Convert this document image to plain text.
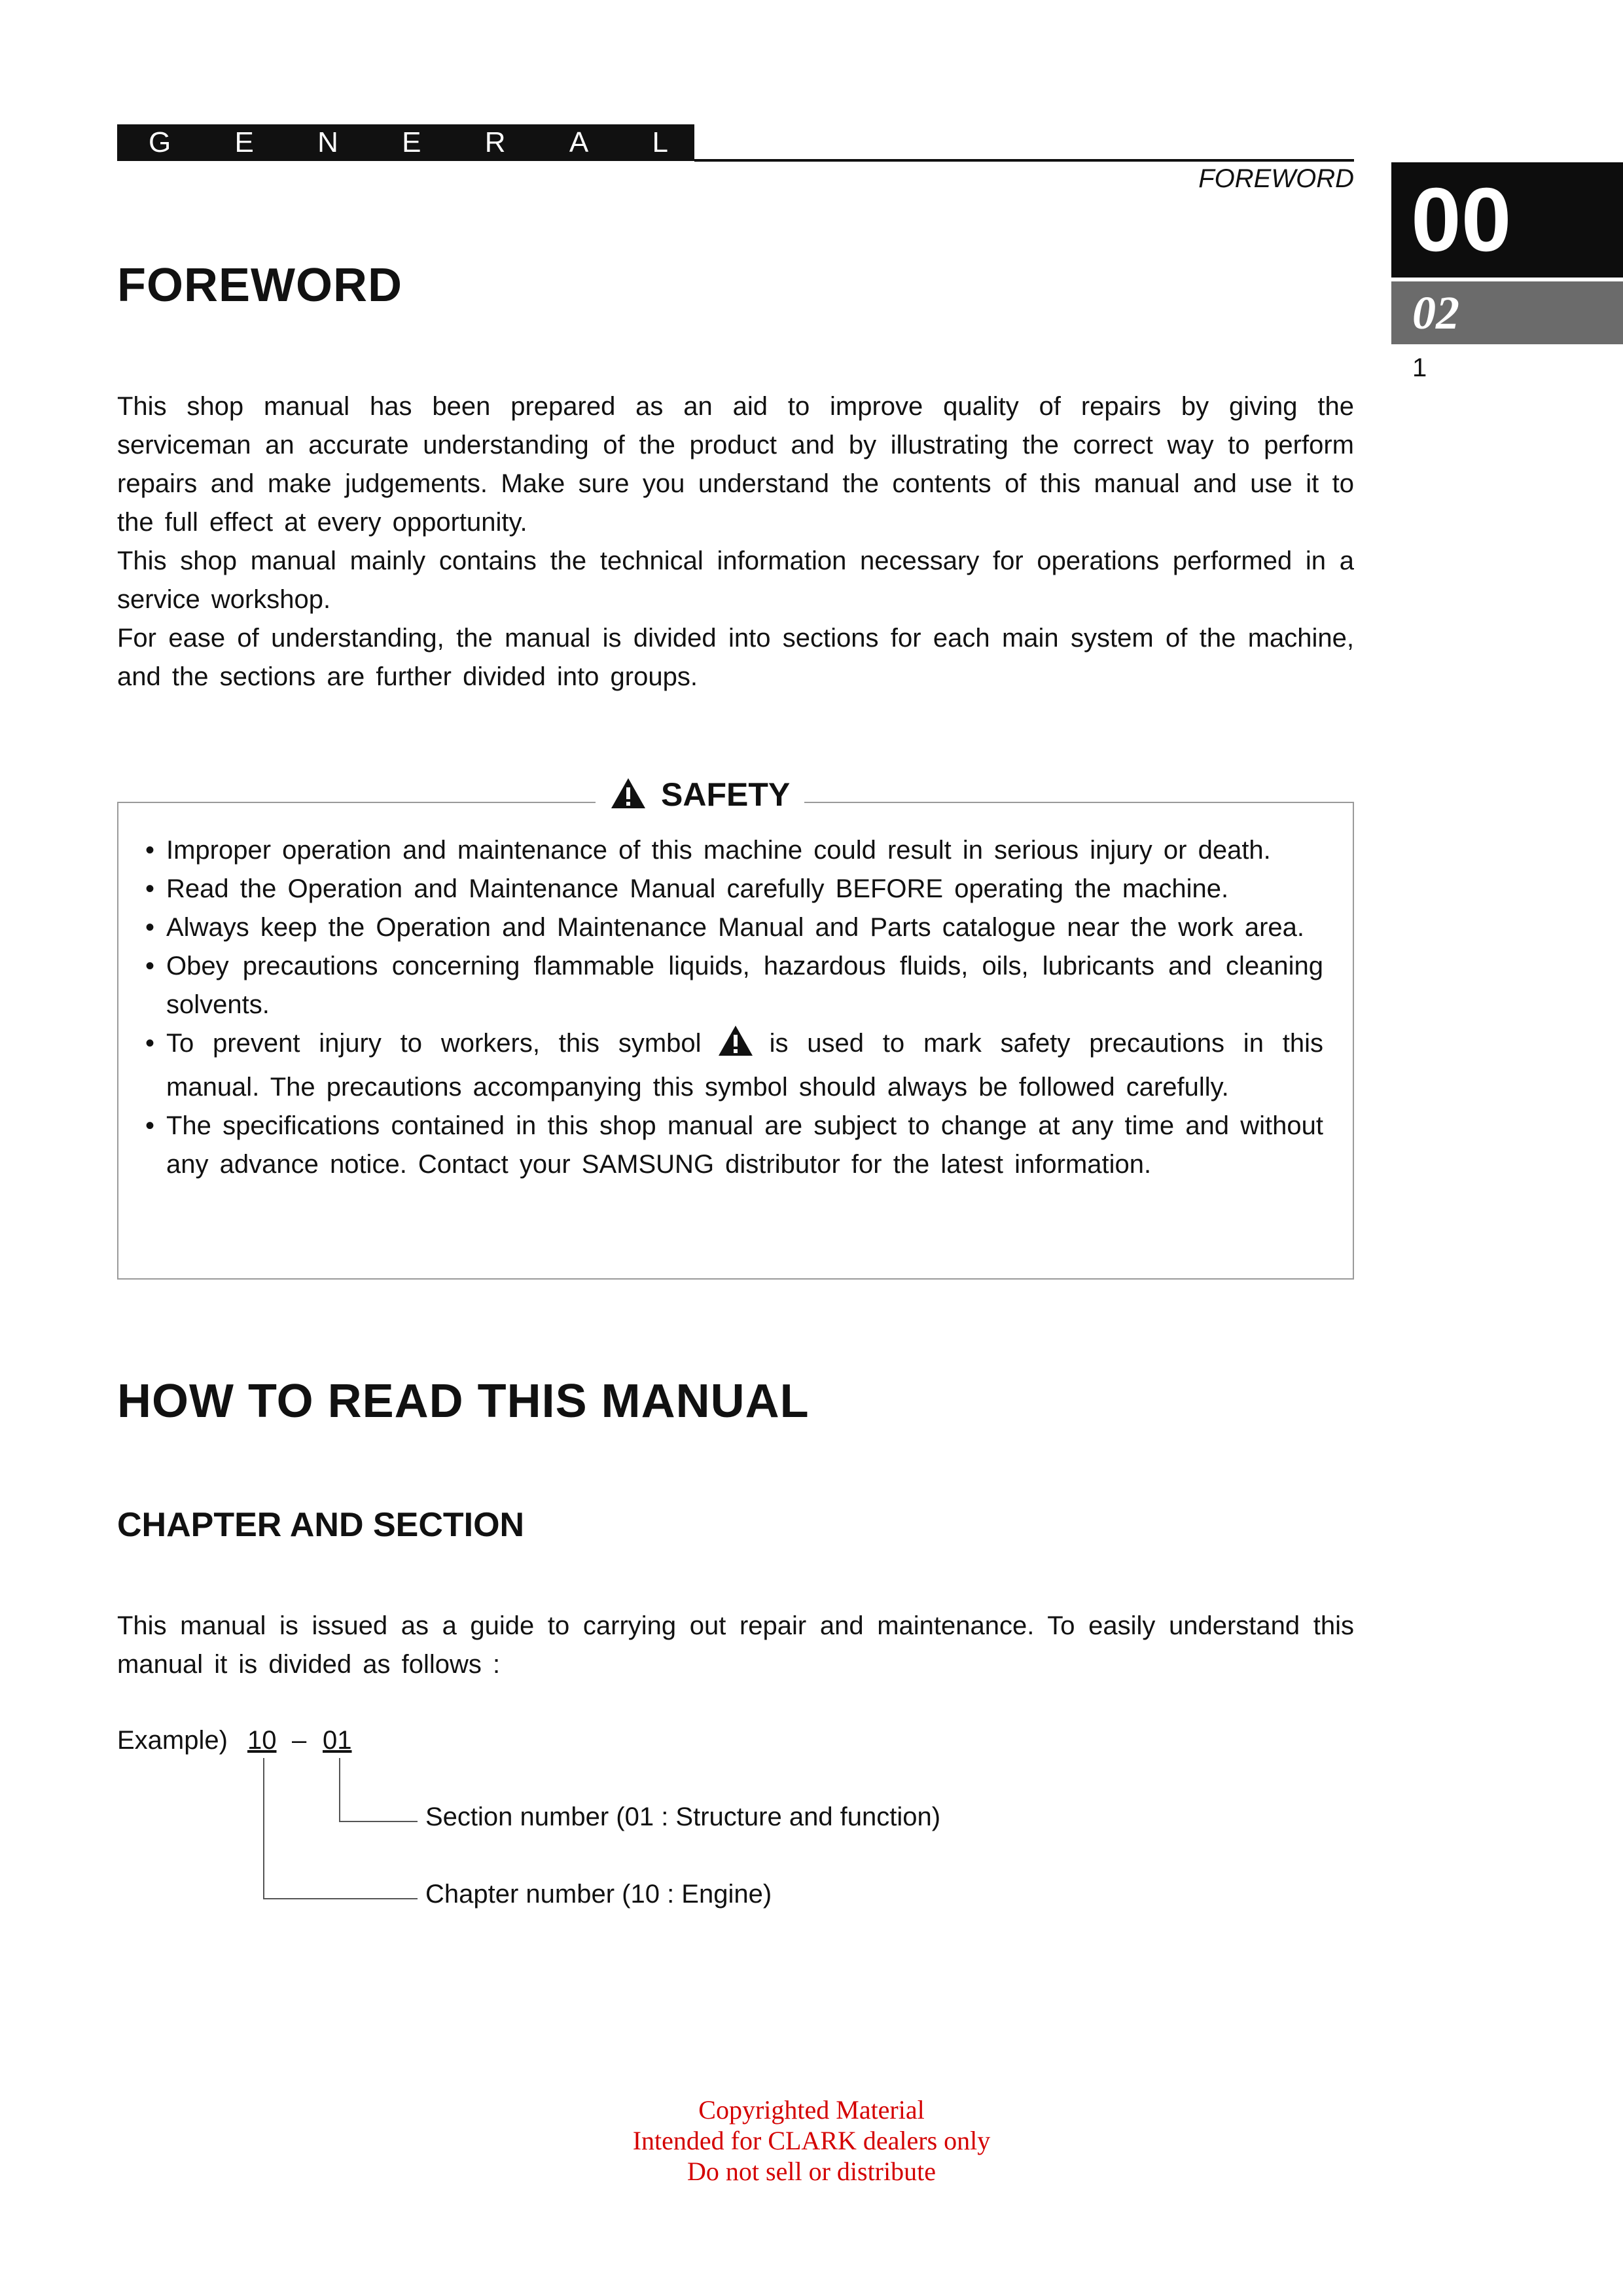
G E N E R A L
FOREWORD 00
02
1
FOREWORD

This shop manual has been prepared as an aid to improve quality of repairs by giving the serviceman an accurate understanding of the product and by illustrating the correct way to perform repairs and make judgements. Make sure you understand the contents of this manual and use it to the full effect at every opportunity.

This shop manual mainly contains the technical information necessary for operations performed in a service workshop.

For ease of understanding, the manual is divided into sections for each main system of the machine, and the sections are further divided into groups.

SAFETY
• Improper operation and maintenance of this machine could result in serious injury or death.
• Read the Operation and Maintenance Manual carefully BEFORE operating the machine.
• Always keep the Operation and Maintenance Manual and Parts catalogue near the work area.
• Obey precautions concerning flammable liquids, hazardous fluids, oils, lubricants and cleaning solvents.
• To prevent injury to workers, this symbol	is used to mark safety precautions in this manual. The precautions accompanying this symbol should always be followed carefully.
• The specifications contained in this shop manual are subject to change at any time and without any advance notice. Contact your SAMSUNG distributor for the latest information.
HOW TO READ THIS MANUAL
CHAPTER AND SECTION

This manual is issued as a guide to carrying out repair and maintenance. To easily understand this manual it is divided as follows :

Example) 10 – 01
Section number (01 : Structure and function)
Chapter number (10 : Engine)
Copyrighted Material
Intended for CLARK dealers only
Do not sell or distribute
